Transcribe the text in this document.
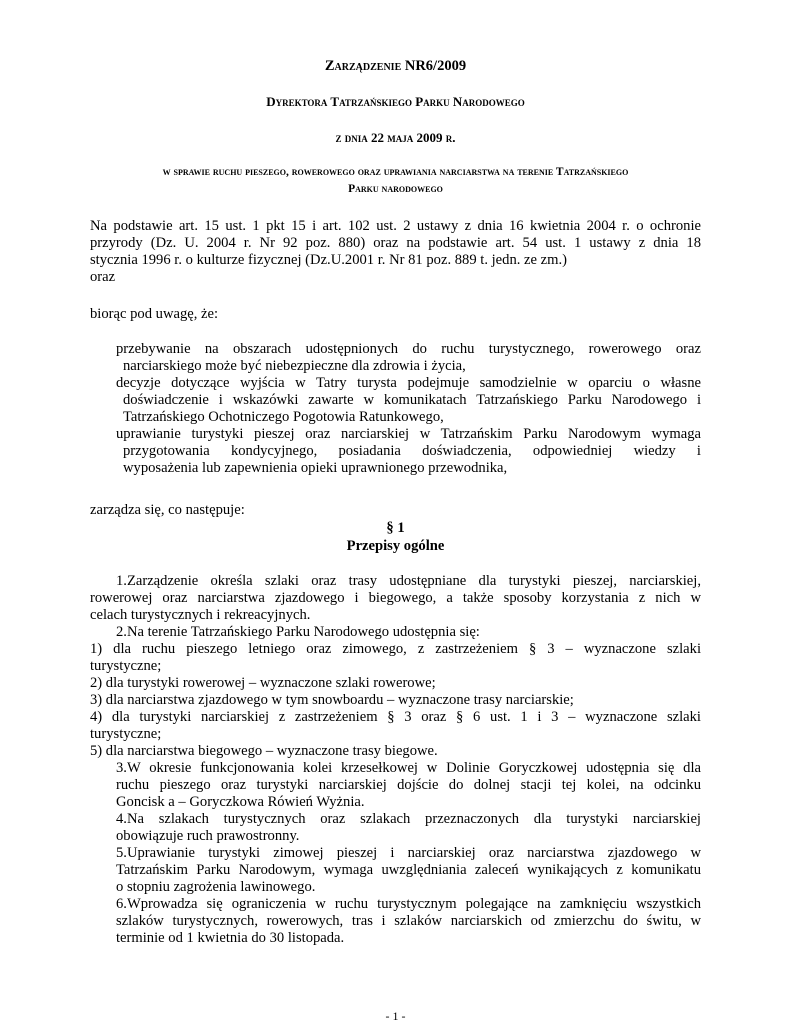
Zarządzenie NR6/2009
Dyrektora Tatrzańskiego Parku Narodowego
z dnia 22 maja 2009 r.
w sprawie ruchu pieszego, rowerowego oraz uprawiania narciarstwa na terenie Tatrzańskiego
Parku narodowego
Na podstawie art. 15 ust. 1 pkt 15 i art. 102 ust. 2 ustawy z dnia 16 kwietnia 2004 r. o ochronie
przyrody (Dz. U. 2004 r. Nr 92 poz. 880) oraz na podstawie art. 54 ust. 1 ustawy z dnia 18
stycznia 1996 r. o kulturze fizycznej (Dz.U.2001 r. Nr 81 poz. 889 t. jedn. ze zm.)
oraz
biorąc pod uwagę, że:
przebywanie na obszarach udostępnionych do ruchu turystycznego, rowerowego oraz
narciarskiego może być niebezpieczne dla zdrowia i życia,
decyzje dotyczące wyjścia w Tatry turysta podejmuje samodzielnie w oparciu o własne
doświadczenie i wskazówki zawarte w komunikatach Tatrzańskiego Parku Narodowego i
Tatrzańskiego Ochotniczego Pogotowia Ratunkowego,
uprawianie turystyki pieszej oraz narciarskiej w Tatrzańskim Parku Narodowym wymaga
przygotowania kondycyjnego, posiadania doświadczenia, odpowiedniej wiedzy i
wyposażenia lub zapewnienia opieki uprawnionego przewodnika,
zarządza się, co następuje:
§ 1
Przepisy ogólne
1.Zarządzenie określa szlaki oraz trasy udostępniane dla turystyki pieszej, narciarskiej,
rowerowej oraz narciarstwa zjazdowego i biegowego, a także sposoby korzystania z nich w
celach turystycznych i rekreacyjnych.
2.Na terenie Tatrzańskiego Parku Narodowego udostępnia się:
1) dla ruchu pieszego letniego oraz zimowego, z zastrzeżeniem § 3 – wyznaczone szlaki
turystyczne;
2) dla turystyki rowerowej – wyznaczone szlaki rowerowe;
3) dla narciarstwa zjazdowego w tym snowboardu – wyznaczone trasy narciarskie;
4) dla turystyki narciarskiej z zastrzeżeniem § 3 oraz § 6 ust. 1 i 3 – wyznaczone szlaki
turystyczne;
5) dla narciarstwa biegowego – wyznaczone trasy biegowe.
3.W okresie funkcjonowania kolei krzesełkowej w Dolinie Goryczkowej udostępnia się dla
ruchu pieszego oraz turystyki narciarskiej dojście do dolnej stacji tej kolei, na odcinku
Goncisk a – Goryczkowa Rówień Wyżnia.
4.Na szlakach turystycznych oraz szlakach przeznaczonych dla turystyki narciarskiej
obowiązuje ruch prawostronny.
5.Uprawianie turystyki zimowej pieszej i narciarskiej oraz narciarstwa zjazdowego w
Tatrzańskim Parku Narodowym, wymaga uwzględniania zaleceń wynikających z komunikatu
o stopniu zagrożenia lawinowego.
6.Wprowadza się ograniczenia w ruchu turystycznym polegające na zamknięciu wszystkich
szlaków turystycznych, rowerowych, tras i szlaków narciarskich od zmierzchu do świtu, w
terminie od 1 kwietnia do 30 listopada.
- 1 -
